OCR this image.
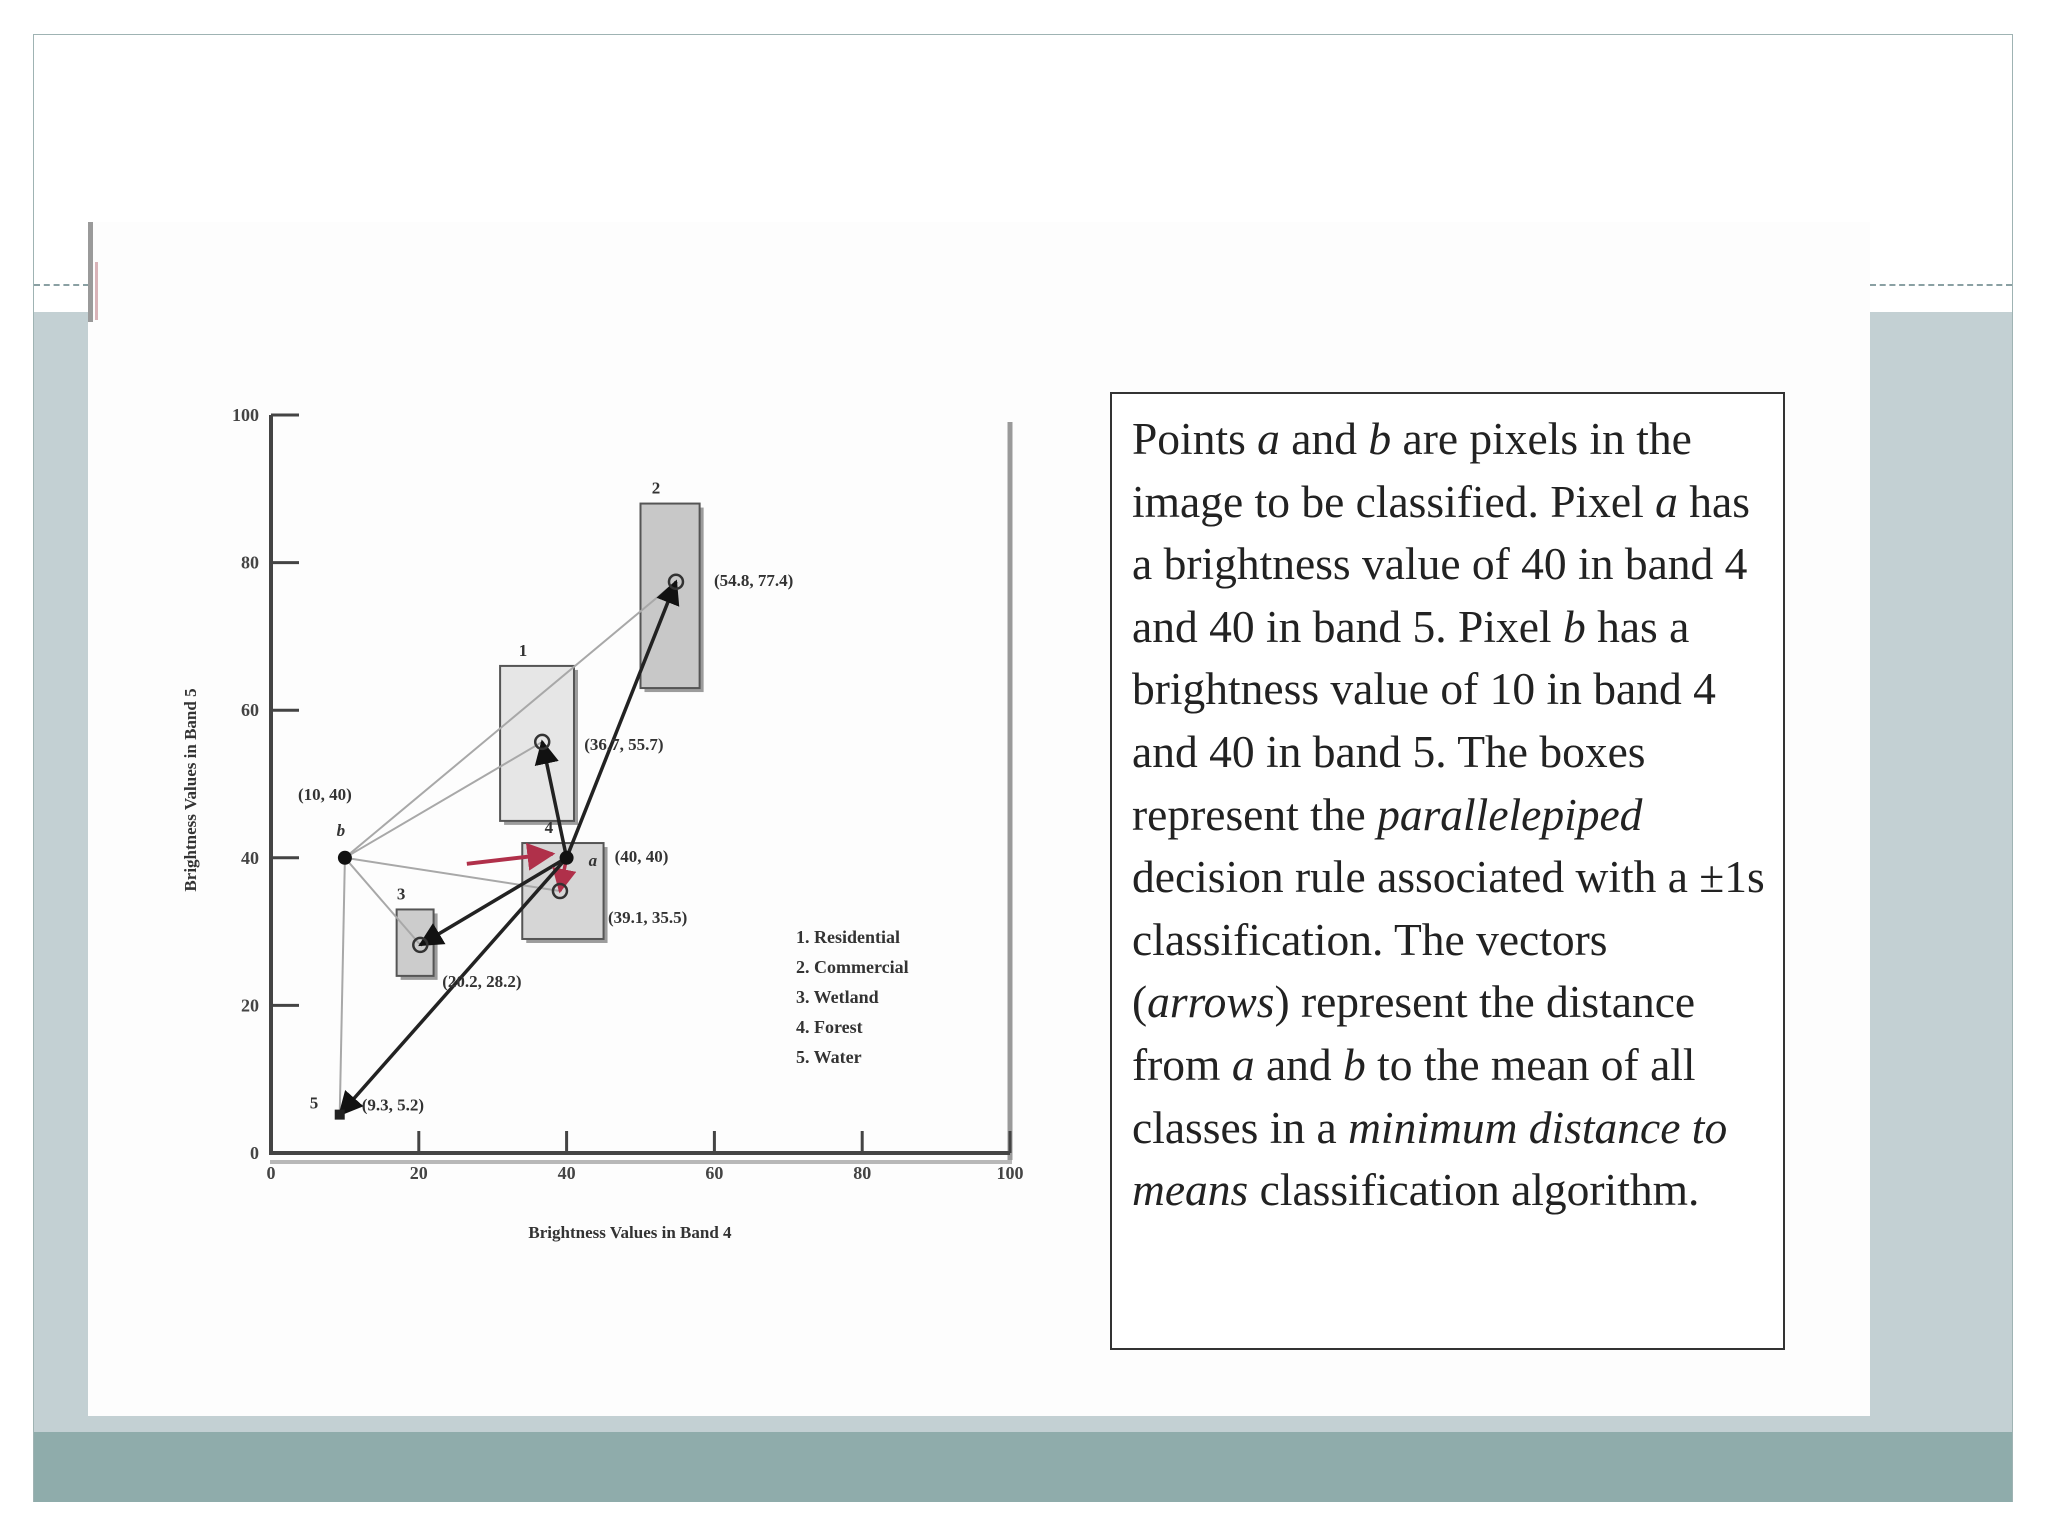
Brightness Values in Band 4
Brightness Values in Band 5
0	20	40	60	80	100
0
20
40
60
80
100
1
2
3
4
(36.7, 55.7)
(54.8, 77.4)
(20.2, 28.2)
(39.1, 35.5)
(9.3, 5.2)
5
a (40, 40)
b
(10, 40)
1. Residential
2. Commercial
3. Wetland
4. Forest
5. Water

Points a and b are pixels in the image to be classified. Pixel a has a brightness value of 40 in band 4 and 40 in band 5. Pixel b has a brightness value of 10 in band 4 and 40 in band 5. The boxes represent the parallelepiped decision rule associated with a ±1s classification. The vectors (arrows) represent the distance from a and b to the mean of all classes in a minimum distance to means classification algorithm.
